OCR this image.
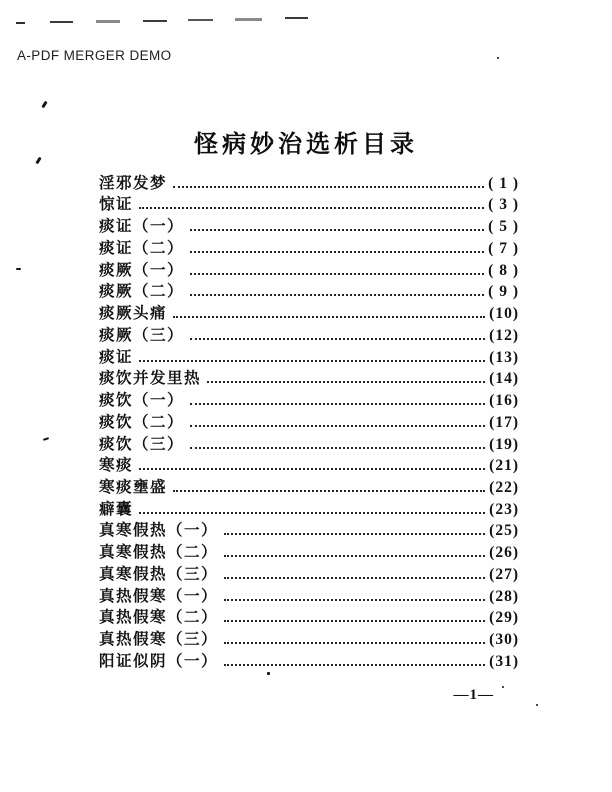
A-PDF MERGER DEMO
怪病妙治选析目录
淫邪发梦	( 1 )
惊证	( 3 )
痰证（一）	( 5 )
痰证（二）	( 7 )
痰厥（一）	( 8 )
痰厥（二）	( 9 )
痰厥头痛	(10)
痰厥（三）	(12)
痰证	(13)
痰饮并发里热	(14)
痰饮（一）	(16)
痰饮（二）	(17)
痰饮（三）	(19)
寒痰	(21)
寒痰壅盛	(22)
癖囊	(23)
真寒假热（一）	(25)
真寒假热（二）	(26)
真寒假热（三）	(27)
真热假寒（一）	(28)
真热假寒（二）	(29)
真热假寒（三）	(30)
阳证似阴（一）	(31)
—1—
